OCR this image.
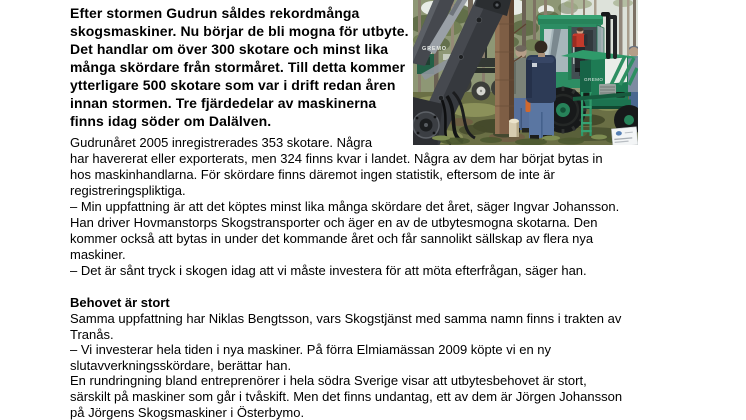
GREMO
GREMO
Efter stormen Gudrun såldes rekordmånga
skogsmaskiner. Nu börjar de bli mogna för utbyte.
Det handlar om över 300 skotare och minst lika
många skördare från stormåret. Till detta kommer
ytterligare 500 skotare som var i drift redan åren
innan stormen. Tre fjärdedelar av maskinerna
finns idag söder om Dalälven.
Gudrunåret 2005 inregistrerades 353 skotare. Några
har havererat eller exporterats, men 324 finns kvar i landet. Några av dem har börjat bytas in
hos maskinhandlarna. För skördare finns däremot ingen statistik, eftersom de inte är
registreringspliktiga.
– Min uppfattning är att det köptes minst lika många skördare det året, säger Ingvar Johansson.
Han driver Hovmanstorps Skogstransporter och äger en av de utbytesmogna skotarna. Den
kommer också att bytas in under det kommande året och får sannolikt sällskap av flera nya
maskiner.
– Det är sånt tryck i skogen idag att vi måste investera för att möta efterfrågan, säger han.
Behovet är stort
Samma uppfattning har Niklas Bengtsson, vars Skogstjänst med samma namn finns i trakten av
Tranås.
– Vi investerar hela tiden i nya maskiner. På förra Elmiamässan 2009 köpte vi en ny
slutavverkningsskördare, berättar han.
En rundringning bland entreprenörer i hela södra Sverige visar att utbytesbehovet är stort,
särskilt på maskiner som går i tvåskift. Men det finns undantag, ett av dem är Jörgen Johansson
på Jörgens Skogsmaskiner i Österbymo.
